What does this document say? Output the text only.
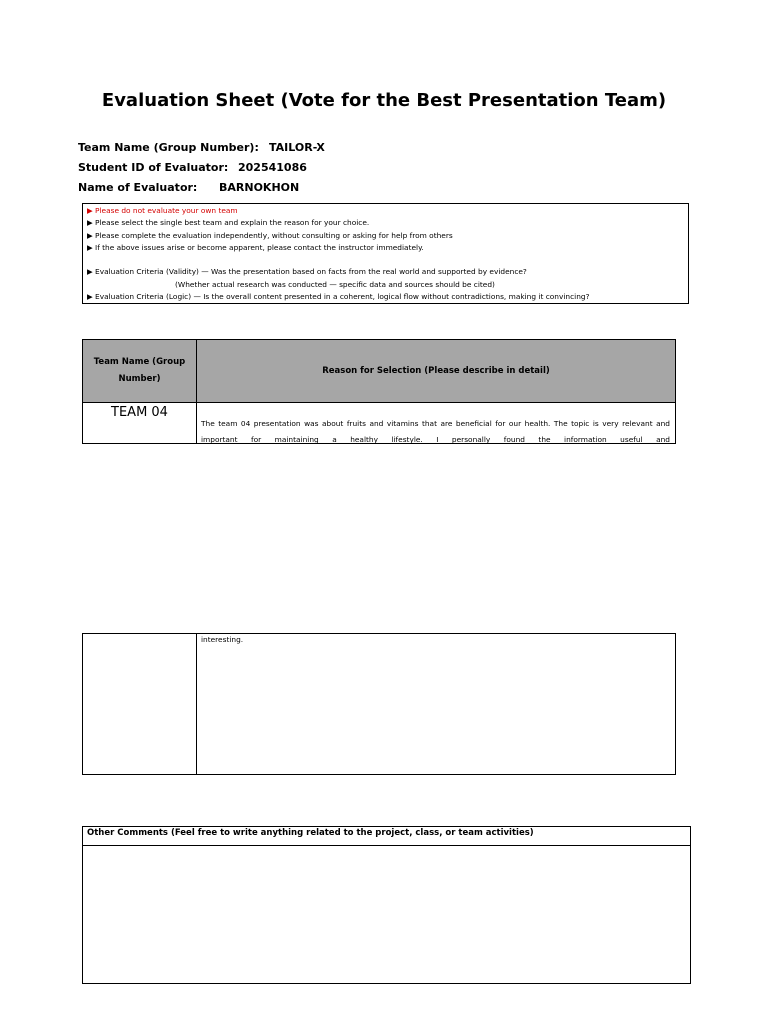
Evaluation Sheet (Vote for the Best Presentation Team)
Team Name (Group Number): TAILOR-X
Student ID of Evaluator: 202541086
Name of Evaluator: BARNOKHON
▶ Please do not evaluate your own team
▶ Please select the single best team and explain the reason for your choice.
▶ Please complete the evaluation independently, without consulting or asking for help from others
▶ If the above issues arise or become apparent, please contact the instructor immediately.
▶ Evaluation Criteria (Validity) — Was the presentation based on facts from the real world and supported by evidence?
(Whether actual research was conducted — specific data and sources should be cited)
▶ Evaluation Criteria (Logic) — Is the overall content presented in a coherent, logical flow without contradictions, making it convincing?
Team Name (Group Number)	Reason for Selection (Please describe in detail)
TEAM 04	The team 04 presentation was about fruits and vitamins that are beneficial for our health. The topic is very relevant and important for maintaining a healthy lifestyle. I personally found the information useful and
	interesting.
Other Comments (Feel free to write anything related to the project, class, or team activities)
